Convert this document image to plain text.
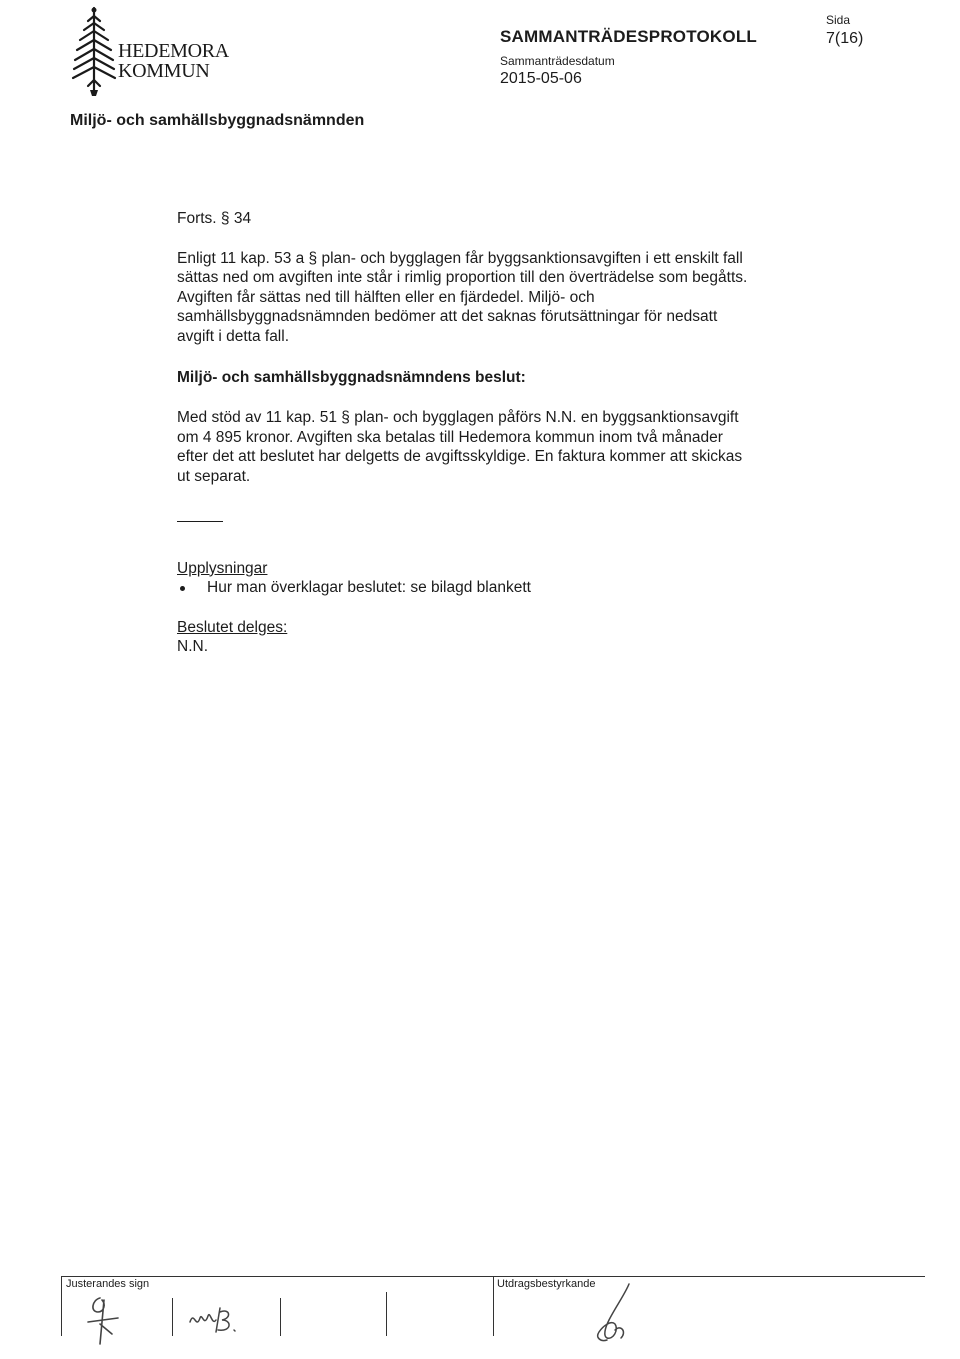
HEDEMORA
KOMMUN
SAMMANTRÄDESPROTOKOLL
Sammanträdesdatum
2015-05-06
Sida
7(16)
Miljö- och samhällsbyggnadsnämnden

Forts. § 34

Enligt 11 kap. 53 a § plan- och bygglagen får byggsanktionsavgiften i ett enskilt fall
sättas ned om avgiften inte står i rimlig proportion till den överträdelse som begåtts.
Avgiften får sättas ned till hälften eller en fjärdedel. Miljö- och
samhällsbyggnadsnämnden bedömer att det saknas förutsättningar för nedsatt
avgift i detta fall.

Miljö- och samhällsbyggnadsnämndens beslut:

Med stöd av 11 kap. 51 § plan- och bygglagen påförs N.N. en byggsanktionsavgift
om 4 895 kronor. Avgiften ska betalas till Hedemora kommun inom två månader
efter det att beslutet har delgetts de avgiftsskyldige. En faktura kommer att skickas
ut separat.

Upplysningar

Hur man överklagar beslutet: se bilagd blankett

Beslutet delges:

N.N.

Justerandes sign	Utdragsbestyrkande
